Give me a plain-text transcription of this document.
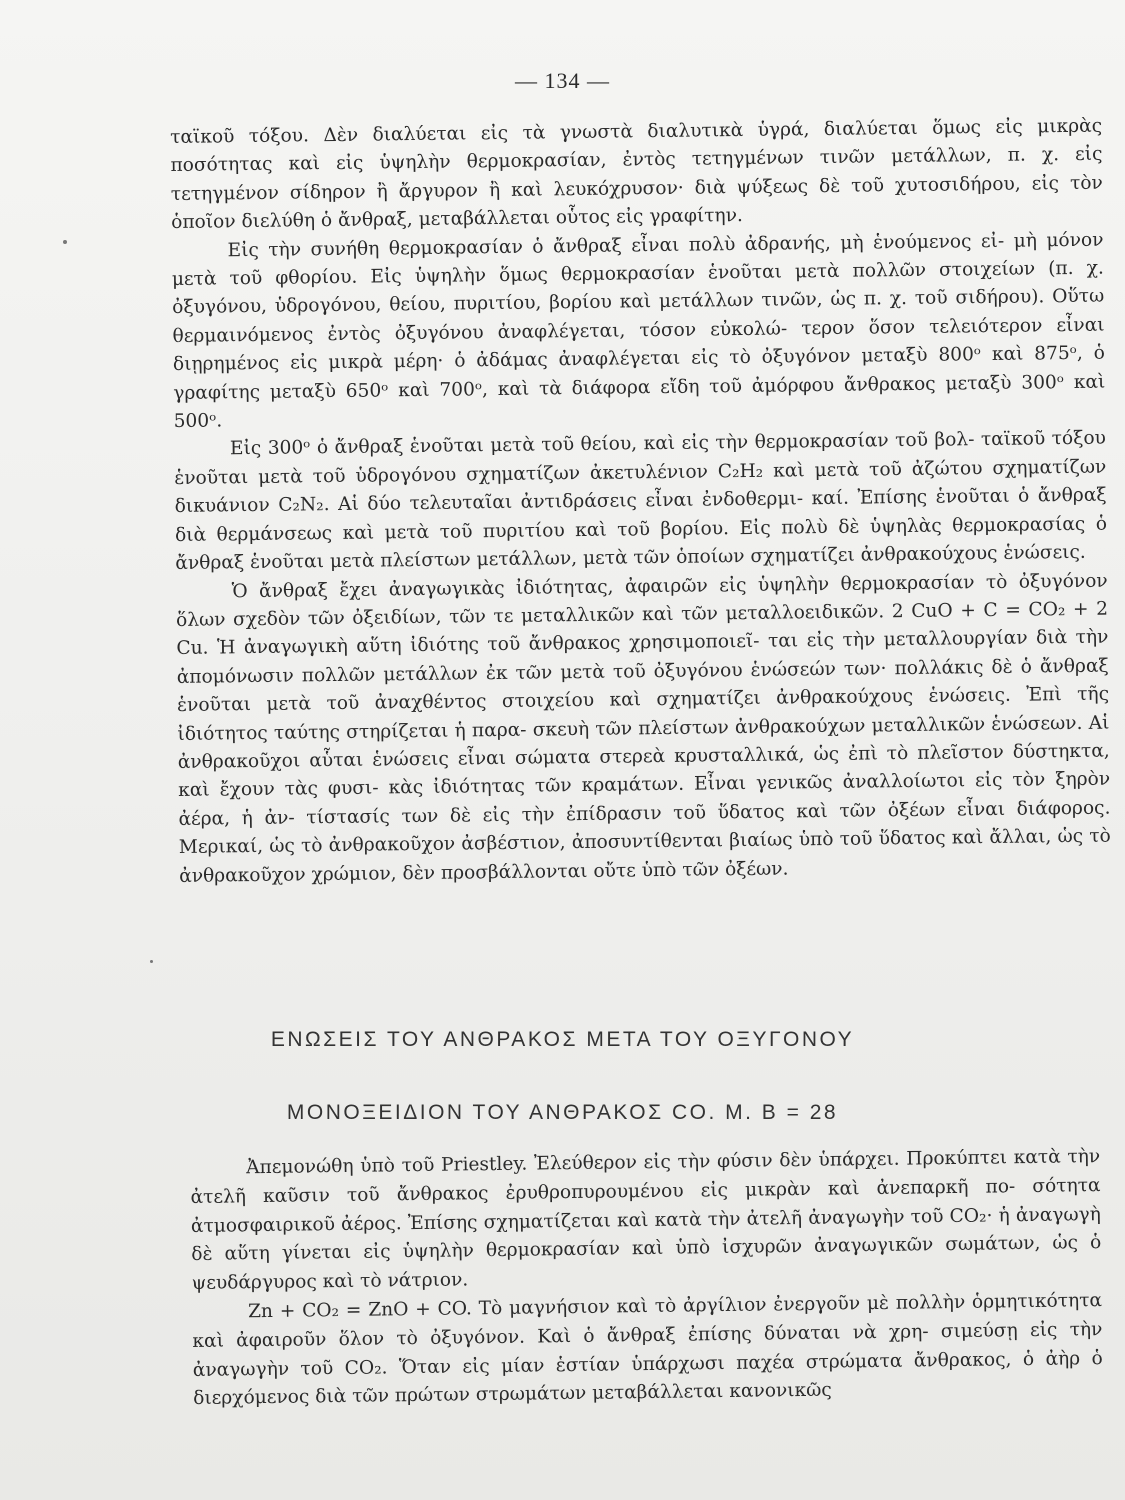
— 134 —

ταϊκοῦ τόξου. Δὲν διαλύεται εἰς τὰ γνωστὰ διαλυτικὰ ὑγρά, διαλύεται ὅμως εἰς μικρὰς ποσότητας καὶ εἰς ὑψηλὴν θερμοκρασίαν, ἐντὸς τετηγμένων τινῶν μετάλλων, π. χ. εἰς τετηγμένον σίδηρον ἢ ἄργυρον ἢ καὶ λευκόχρυσον· διὰ ψύξεως δὲ τοῦ χυτοσιδήρου, εἰς τὸν ὁποῖον διελύθη ὁ ἄνθραξ, μεταβάλλεται οὗτος εἰς γραφίτην.

Εἰς τὴν συνήθη θερμοκρασίαν ὁ ἄνθραξ εἶναι πολὺ ἀδρανής, μὴ ἑνούμενος εἰ- μὴ μόνον μετὰ τοῦ φθορίου. Εἰς ὑψηλὴν ὅμως θερμοκρασίαν ἑνοῦται μετὰ πολλῶν στοιχείων (π. χ. ὀξυγόνου, ὑδρογόνου, θείου, πυριτίου, βορίου καὶ μετάλλων τινῶν, ὡς π. χ. τοῦ σιδήρου). Οὕτω θερμαινόμενος ἐντὸς ὀξυγόνου ἀναφλέγεται, τόσον εὐκολώ- τερον ὅσον τελειότερον εἶναι διῃρημένος εἰς μικρὰ μέρη· ὁ ἀδάμας ἀναφλέγεται εἰς τὸ ὀξυγόνον μεταξὺ 800ᵒ καὶ 875ᵒ, ὁ γραφίτης μεταξὺ 650ᵒ καὶ 700ᵒ, καὶ τὰ διάφορα εἴδη τοῦ ἀμόρφου ἄνθρακος μεταξὺ 300ᵒ καὶ 500ᵒ.

Εἰς 300ᵒ ὁ ἄνθραξ ἑνοῦται μετὰ τοῦ θείου, καὶ εἰς τὴν θερμοκρασίαν τοῦ βολ- ταϊκοῦ τόξου ἑνοῦται μετὰ τοῦ ὑδρογόνου σχηματίζων ἀκετυλένιον C₂H₂ καὶ μετὰ τοῦ ἀζώτου σχηματίζων δικυάνιον C₂N₂. Αἱ δύο τελευταῖαι ἀντιδράσεις εἶναι ἐνδοθερμι- καί. Ἐπίσης ἑνοῦται ὁ ἄνθραξ διὰ θερμάνσεως καὶ μετὰ τοῦ πυριτίου καὶ τοῦ βορίου. Εἰς πολὺ δὲ ὑψηλὰς θερμοκρασίας ὁ ἄνθραξ ἑνοῦται μετὰ πλείστων μετάλλων, μετὰ τῶν ὁποίων σχηματίζει ἀνθρακούχους ἑνώσεις.

Ὁ ἄνθραξ ἔχει ἀναγωγικὰς ἰδιότητας, ἀφαιρῶν εἰς ὑψηλὴν θερμοκρασίαν τὸ ὀξυγόνον ὅλων σχεδὸν τῶν ὀξειδίων, τῶν τε μεταλλικῶν καὶ τῶν μεταλλοειδικῶν. 2 CuO + C = CO₂ + 2 Cu. Ἡ ἀναγωγικὴ αὕτη ἰδιότης τοῦ ἄνθρακος χρησιμοποιεῖ- ται εἰς τὴν μεταλλουργίαν διὰ τὴν ἀπομόνωσιν πολλῶν μετάλλων ἐκ τῶν μετὰ τοῦ ὀξυγόνου ἑνώσεών των· πολλάκις δὲ ὁ ἄνθραξ ἑνοῦται μετὰ τοῦ ἀναχθέντος στοιχείου καὶ σχηματίζει ἀνθρακούχους ἑνώσεις. Ἐπὶ τῆς ἰδιότητος ταύτης στηρίζεται ἡ παρα- σκευὴ τῶν πλείστων ἀνθρακούχων μεταλλικῶν ἑνώσεων. Αἱ ἀνθρακοῦχοι αὗται ἑνώσεις εἶναι σώματα στερεὰ κρυσταλλικά, ὡς ἐπὶ τὸ πλεῖστον δύστηκτα, καὶ ἔχουν τὰς φυσι- κὰς ἰδιότητας τῶν κραμάτων. Εἶναι γενικῶς ἀναλλοίωτοι εἰς τὸν ξηρὸν ἀέρα, ἡ ἀν- τίστασίς των δὲ εἰς τὴν ἐπίδρασιν τοῦ ὕδατος καὶ τῶν ὀξέων εἶναι διάφορος. Μερικαί, ὡς τὸ ἀνθρακοῦχον ἀσβέστιον, ἀποσυντίθενται βιαίως ὑπὸ τοῦ ὕδατος καὶ ἄλλαι, ὡς τὸ ἀνθρακοῦχον χρώμιον, δὲν προσβάλλονται οὔτε ὑπὸ τῶν ὀξέων.

ΕΝΩΣΕΙΣ ΤΟΥ ΑΝΘΡΑΚΟΣ ΜΕΤΑ ΤΟΥ ΟΞΥΓΟΝΟΥ
ΜΟΝΟΞΕΙΔΙΟΝ ΤΟΥ ΑΝΘΡΑΚΟΣ CO. Μ. Β = 28

Ἀπεμονώθη ὑπὸ τοῦ Priestley. Ἐλεύθερον εἰς τὴν φύσιν δὲν ὑπάρχει. Προκύπτει κατὰ τὴν ἀτελῆ καῦσιν τοῦ ἄνθρακος ἐρυθροπυρουμένου εἰς μικρὰν καὶ ἀνεπαρκῆ πο- σότητα ἀτμοσφαιρικοῦ ἀέρος. Ἐπίσης σχηματίζεται καὶ κατὰ τὴν ἀτελῆ ἀναγωγὴν τοῦ CO₂· ἡ ἀναγωγὴ δὲ αὕτη γίνεται εἰς ὑψηλὴν θερμοκρασίαν καὶ ὑπὸ ἰσχυρῶν ἀναγωγικῶν σωμάτων, ὡς ὁ ψευδάργυρος καὶ τὸ νάτριον.

Zn + CO₂ = ZnO + CO. Τὸ μαγνήσιον καὶ τὸ ἀργίλιον ἐνεργοῦν μὲ πολλὴν ὁρμητικότητα καὶ ἀφαιροῦν ὅλον τὸ ὀξυγόνον. Καὶ ὁ ἄνθραξ ἐπίσης δύναται νὰ χρη- σιμεύσῃ εἰς τὴν ἀναγωγὴν τοῦ CO₂. Ὅταν εἰς μίαν ἑστίαν ὑπάρχωσι παχέα στρώματα ἄνθρακος, ὁ ἀὴρ ὁ διερχόμενος διὰ τῶν πρώτων στρωμάτων μεταβάλλεται κανονικῶς
